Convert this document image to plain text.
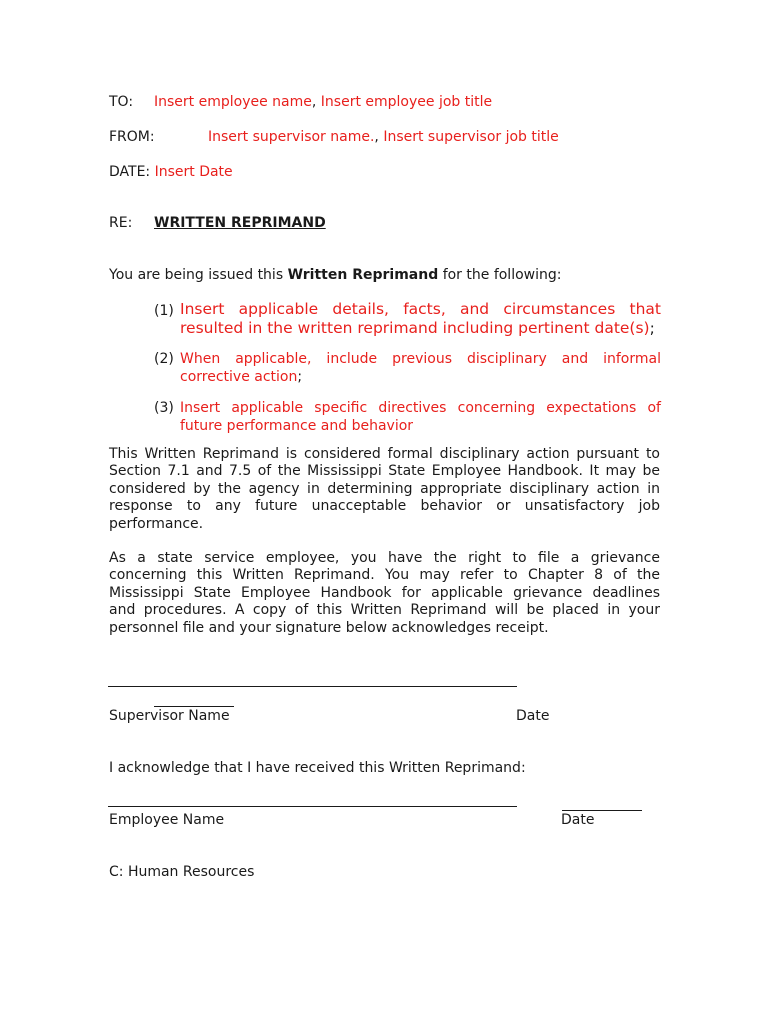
TO: Insert employee name, Insert employee job title
FROM:	Insert supervisor name., Insert supervisor job title
DATE: Insert Date
RE: WRITTEN REPRIMAND
You are being issued this Written Reprimand for the following:
(1) Insert applicable details, facts, and circumstances that
resulted in the written reprimand including pertinent date(s);
(2) When applicable, include previous disciplinary and informal
corrective action;
(3) Insert applicable specific directives concerning expectations of
future performance and behavior
This Written Reprimand is considered formal disciplinary action pursuant to
Section 7.1 and 7.5 of the Mississippi State Employee Handbook. It may be
considered by the agency in determining appropriate disciplinary action in
response to any future unacceptable behavior or unsatisfactory job
performance.
As a state service employee, you have the right to file a grievance
concerning this Written Reprimand. You may refer to Chapter 8 of the
Mississippi State Employee Handbook for applicable grievance deadlines
and procedures. A copy of this Written Reprimand will be placed in your
personnel file and your signature below acknowledges receipt.
Supervisor Name	Date
I acknowledge that I have received this Written Reprimand:
Employee Name	Date
C: Human Resources
